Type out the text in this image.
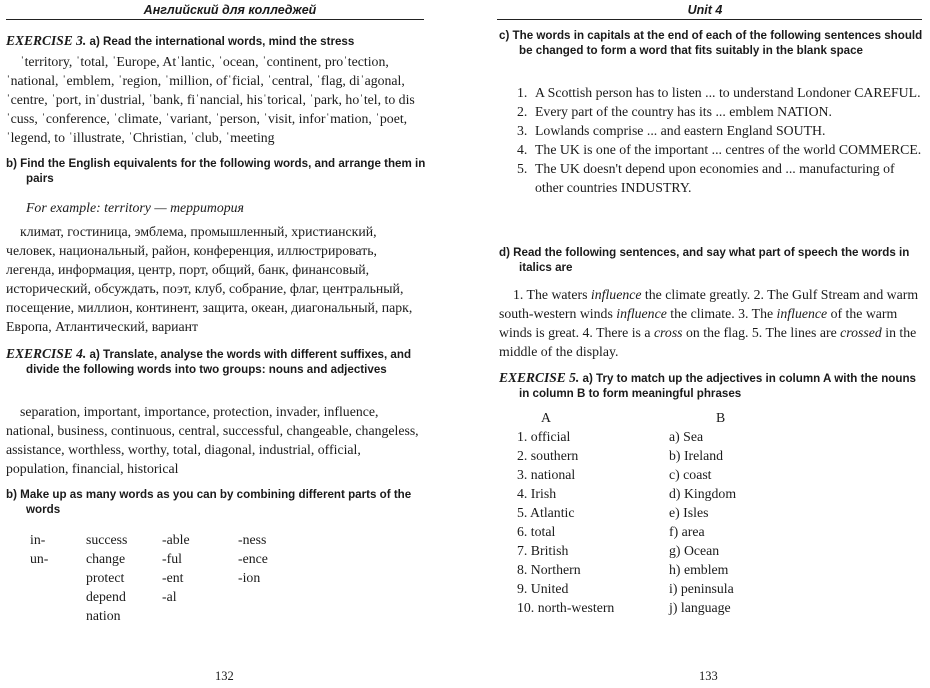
Английский для колледжей
EXERCISE 3. a) Read the international words, mind the stress

ˈterritory, ˈtotal, ˈEurope, Atˈlantic, ˈocean, ˈcontinent, proˈtection, ˈnational, ˈemblem, ˈregion, ˈmillion, ofˈficial, ˈcentral, ˈflag, diˈagonal, ˈcentre, ˈport, inˈdustrial, ˈbank, fiˈnancial, hisˈtorical, ˈpark, hoˈtel, to disˈcuss, ˈconference, ˈclimate, ˈvariant, ˈperson, ˈvisit, inforˈmation, ˈpoet, ˈlegend, to ˈillustrate, ˈChristian, ˈclub, ˈmeeting

b) Find the English equivalents for the following words, and arrange them in pairs
For example: territory — территория

климат, гостиница, эмблема, промышленный, христианский, человек, национальный, район, конференция, иллюстрировать, легенда, информация, центр, порт, общий, банк, финансовый, исторический, обсуждать, поэт, клуб, собрание, флаг, центральный, посещение, миллион, континент, защита, океан, диагональный, парк, Европа, Атлантический, вариант

EXERCISE 4. a) Translate, analyse the words with different suffixes, and divide the following words into two groups: nouns and adjectives

separation, important, importance, protection, invader, influence, national, business, continuous, central, successful, changeable, changeless, assistance, worthless, worthy, total, diagonal, industrial, official, population, financial, historical

b) Make up as many words as you can by combining different parts of the words
in-
un-
success
change
protect
depend
nation
-able
-ful
-ent
-al
-ness
-ence
-ion
132
Unit 4
c) The words in capitals at the end of each of the following sentences should be changed to form a word that fits suitably in the blank space
1. A Scottish person has to listen ... to understand Londoner CAREFUL.
2. Every part of the country has its ... emblem NATION.
3. Lowlands comprise ... and eastern England SOUTH.
4. The UK is one of the important ... centres of the world COMMERCE.
5. The UK doesn't depend upon economies and ... manufacturing of other countries INDUSTRY.
d) Read the following sentences, and say what part of speech the words in italics are

1. The waters influence the climate greatly. 2. The Gulf Stream and warm south-western winds influence the climate. 3. The influence of the warm winds is great. 4. There is a cross on the flag. 5. The lines are crossed in the middle of the display.

EXERCISE 5. a) Try to match up the adjectives in column A with the nouns in column B to form meaningful phrases
A	B
1. official
2. southern
3. national
4. Irish
5. Atlantic
6. total
7. British
8. Northern
9. United
10. north-western
a) Sea
b) Ireland
c) coast
d) Kingdom
e) Isles
f) area
g) Ocean
h) emblem
i) peninsula
j) language
133
